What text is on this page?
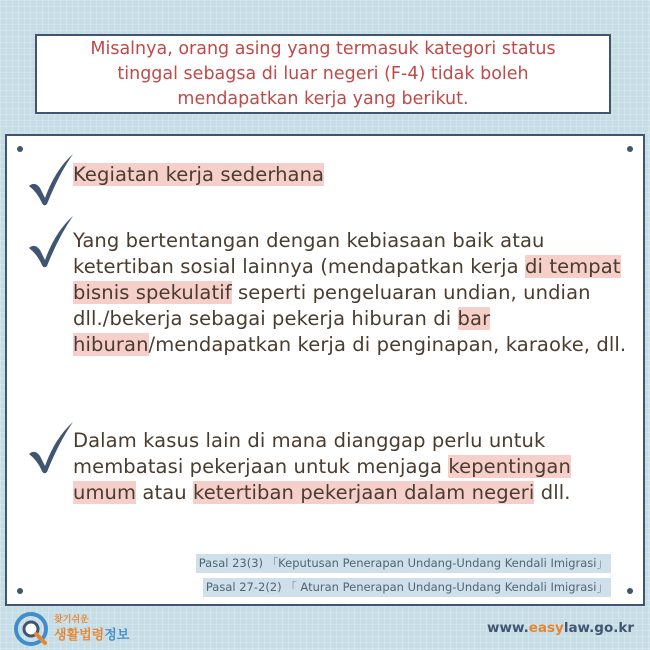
Misalnya, orang asing yang termasuk kategori status
tinggal sebagsa di luar negeri (F-4) tidak boleh
mendapatkan kerja yang berikut.
Kegiatan kerja sederhana
Yang bertentangan dengan kebiasaan baik atau ketertiban sosial lainnya (mendapatkan kerja di tempat bisnis spekulatif seperti pengeluaran undian, undian dll./bekerja sebagai pekerja hiburan di bar hiburan/mendapatkan kerja di penginapan, karaoke, dll.
Dalam kasus lain di mana dianggap perlu untuk membatasi pekerjaan untuk menjaga kepentingan umum atau ketertiban pekerjaan dalam negeri dll.
Pasal 23(3) 「Keputusan Penerapan Undang-Undang Kendali Imigrasi」
Pasal 27-2(2) 「 Aturan Penerapan Undang-Undang Kendali Imigrasi」
찾기쉬운
생활법령정보	www.easylaw.go.kr
